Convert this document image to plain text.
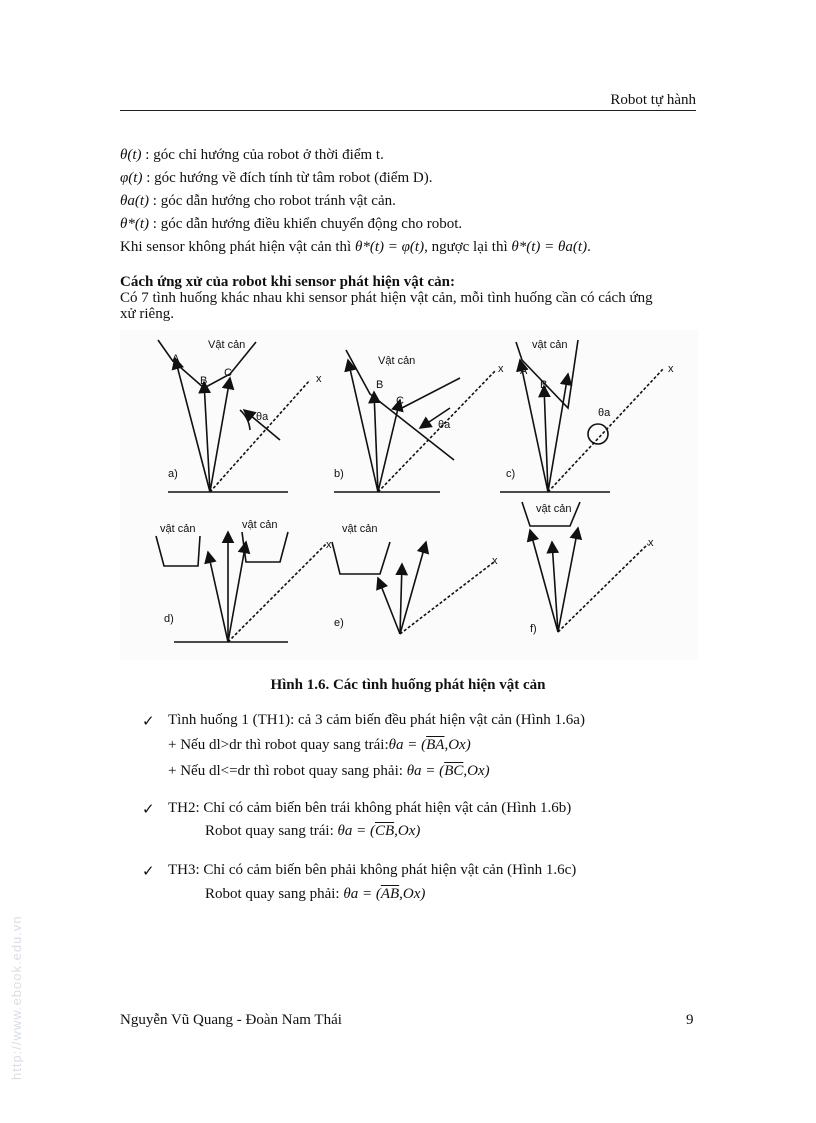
Robot tự hành
θ(t) : góc chỉ hướng của robot ở thời điểm t.
φ(t) : góc hướng về đích tính từ tâm robot (điểm D).
θa(t) : góc dẫn hướng cho robot tránh vật cản.
θ*(t) : góc dẫn hướng điều khiển chuyển động cho robot.
Khi sensor không phát hiện vật cản thì θ*(t) = φ(t), ngược lại thì θ*(t) = θa(t).
Cách ứng xử của robot khi sensor phát hiện vật cản:
Có 7 tình huống khác nhau khi sensor phát hiện vật cản, mỗi tình huống cần có cách ứng
xử riêng.
a)
Vật cản
A
B
C	x
θa
b)
Vật cản
B
C
x
θa
c)
vật cản
A
B
x
θa
d)
vật cản	vật cản
x
e)
vật cản
x
f)
vật cản
x
Hình 1.6. Các tình huống phát hiện vật cản
✓ Tình huống 1 (TH1): cả 3 cảm biến đều phát hiện vật cản (Hình 1.6a)
+ Nếu dl>dr thì robot quay sang trái:θa = $(\overline{BA},Ox)$
+ Nếu dl<=dr thì robot quay sang phải: $\theta a = (\overline{BC},Ox)$
✓ TH2: Chỉ có cảm biến bên trái không phát hiện vật cản (Hình 1.6b)
Robot quay sang trái: $\theta a = (\overline{CB},Ox)$
✓ TH3: Chỉ có cảm biến bên phải không phát hiện vật cản (Hình 1.6c)
Robot quay sang phải: $\theta a = (\overline{AB},Ox)$
Nguyễn Vũ Quang - Đoàn Nam Thái	9
http://www.ebook.edu.vn
